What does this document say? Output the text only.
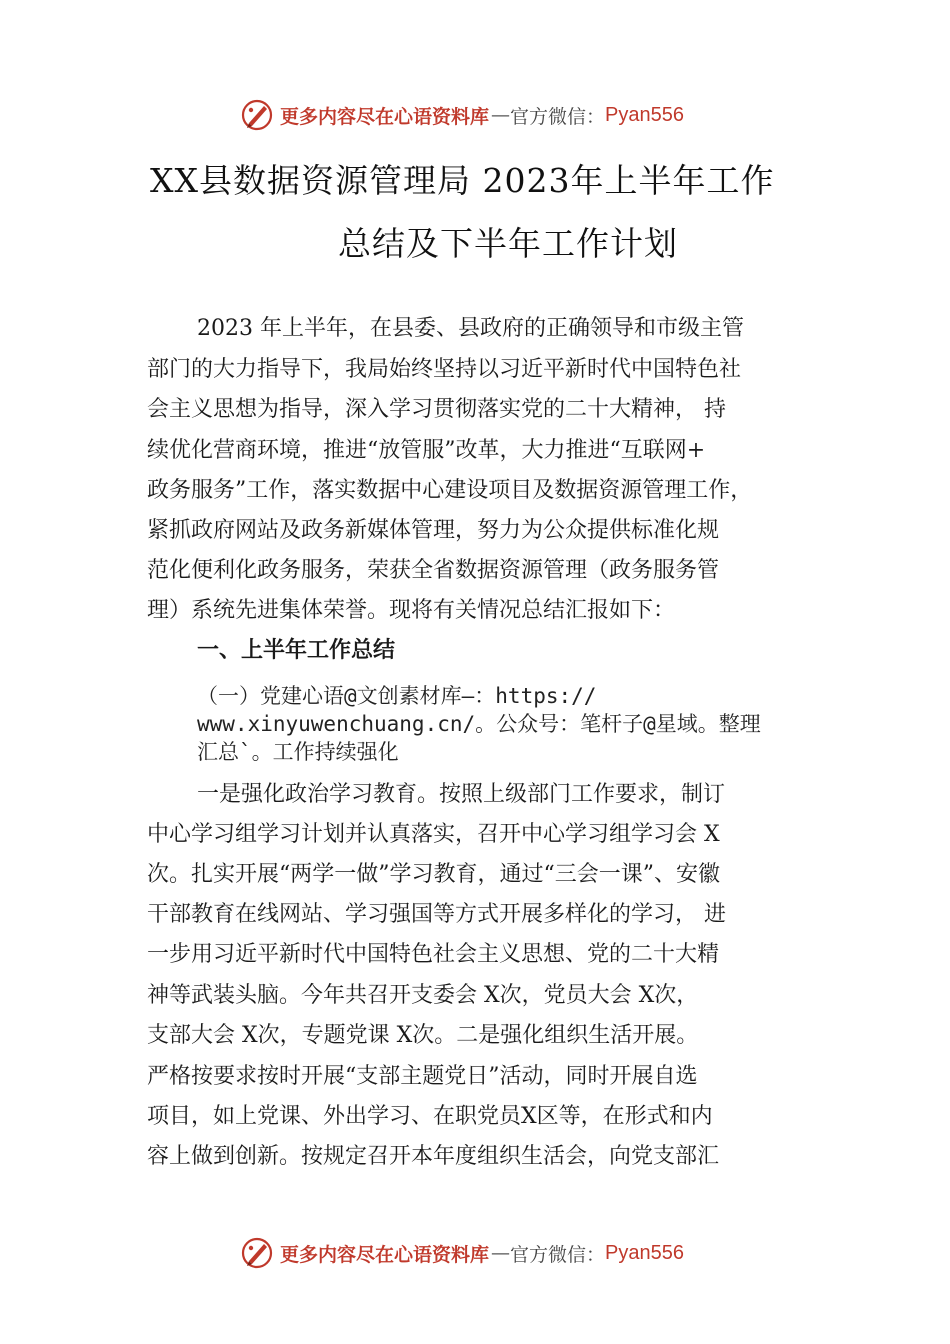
更多内容尽在心语资料库 — 官方微信： Pyan556
XX县数据资源管理局 2023年上半年工作
总结及下半年工作计划
2023 年上半年，在县委、县政府的正确领导和市级主管
部门的大力指导下，我局始终坚持以习近平新时代中国特色社
会主义思想为指导，深入学习贯彻落实党的二十大精神， 持
续优化营商环境，推进“放管服”改革，大力推进“互联网+
政务服务”工作，落实数据中心建设项目及数据资源管理工作，
紧抓政府网站及政务新媒体管理，努力为公众提供标准化规
范化便利化政务服务，荣获全省数据资源管理（政务服务管
理）系统先进集体荣誉。现将有关情况总结汇报如下：
一、上半年工作总结
（一）党建心语@文创素材库—：https://
www.xinyuwenchuang.cn/。公众号：笔杆子@星域。整理
汇总`。工作持续强化
一是强化政治学习教育。按照上级部门工作要求，制订
中心学习组学习计划并认真落实，召开中心学习组学习会 X
次。扎实开展“两学一做”学习教育，通过“三会一课”、安徽
干部教育在线网站、学习强国等方式开展多样化的学习， 进
一步用习近平新时代中国特色社会主义思想、党的二十大精
神等武装头脑。今年共召开支委会 X次，党员大会 X次，
支部大会 X次，专题党课 X次。二是强化组织生活开展。
严格按要求按时开展“支部主题党日”活动，同时开展自选
项目，如上党课、外出学习、在职党员X区等，在形式和内
容上做到创新。按规定召开本年度组织生活会，向党支部汇
更多内容尽在心语资料库 — 官方微信： Pyan556
